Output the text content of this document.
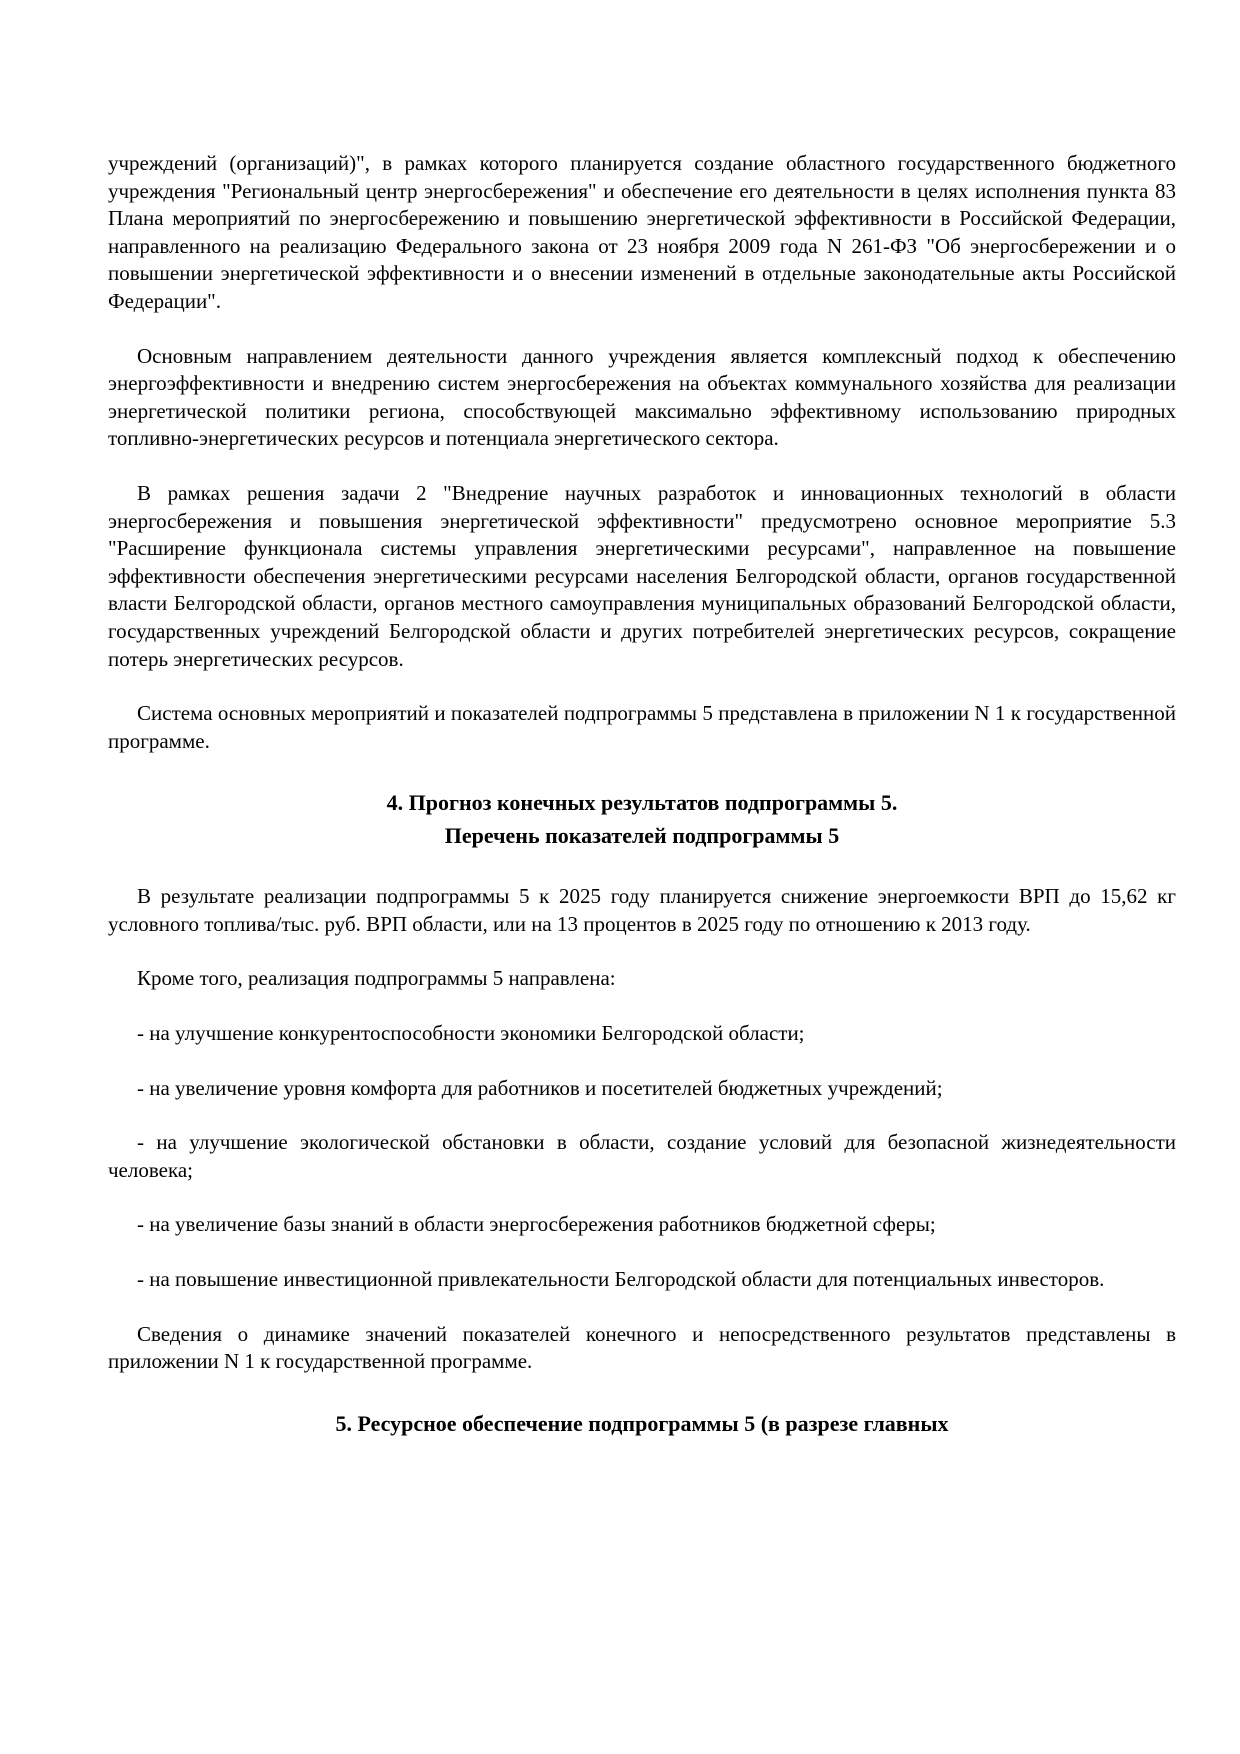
учреждений (организаций)", в рамках которого планируется создание областного государственного бюджетного учреждения "Региональный центр энергосбережения" и обеспечение его деятельности в целях исполнения пункта 83 Плана мероприятий по энергосбережению и повышению энергетической эффективности в Российской Федерации, направленного на реализацию Федерального закона от 23 ноября 2009 года N 261-ФЗ "Об энергосбережении и о повышении энергетической эффективности и о внесении изменений в отдельные законодательные акты Российской Федерации".

Основным направлением деятельности данного учреждения является комплексный подход к обеспечению энергоэффективности и внедрению систем энергосбережения на объектах коммунального хозяйства для реализации энергетической политики региона, способствующей максимально эффективному использованию природных топливно-энергетических ресурсов и потенциала энергетического сектора.

В рамках решения задачи 2 "Внедрение научных разработок и инновационных технологий в области энергосбережения и повышения энергетической эффективности" предусмотрено основное мероприятие 5.3 "Расширение функционала системы управления энергетическими ресурсами", направленное на повышение эффективности обеспечения энергетическими ресурсами населения Белгородской области, органов государственной власти Белгородской области, органов местного самоуправления муниципальных образований Белгородской области, государственных учреждений Белгородской области и других потребителей энергетических ресурсов, сокращение потерь энергетических ресурсов.

Система основных мероприятий и показателей подпрограммы 5 представлена в приложении N 1 к государственной программе.

4. Прогноз конечных результатов подпрограммы 5.
Перечень показателей подпрограммы 5

В результате реализации подпрограммы 5 к 2025 году планируется снижение энергоемкости ВРП до 15,62 кг условного топлива/тыс. руб. ВРП области, или на 13 процентов в 2025 году по отношению к 2013 году.

Кроме того, реализация подпрограммы 5 направлена:

- на улучшение конкурентоспособности экономики Белгородской области;

- на увеличение уровня комфорта для работников и посетителей бюджетных учреждений;

- на улучшение экологической обстановки в области, создание условий для безопасной жизнедеятельности человека;

- на увеличение базы знаний в области энергосбережения работников бюджетной сферы;

- на повышение инвестиционной привлекательности Белгородской области для потенциальных инвесторов.

Сведения о динамике значений показателей конечного и непосредственного результатов представлены в приложении N 1 к государственной программе.

5. Ресурсное обеспечение подпрограммы 5 (в разрезе главных
